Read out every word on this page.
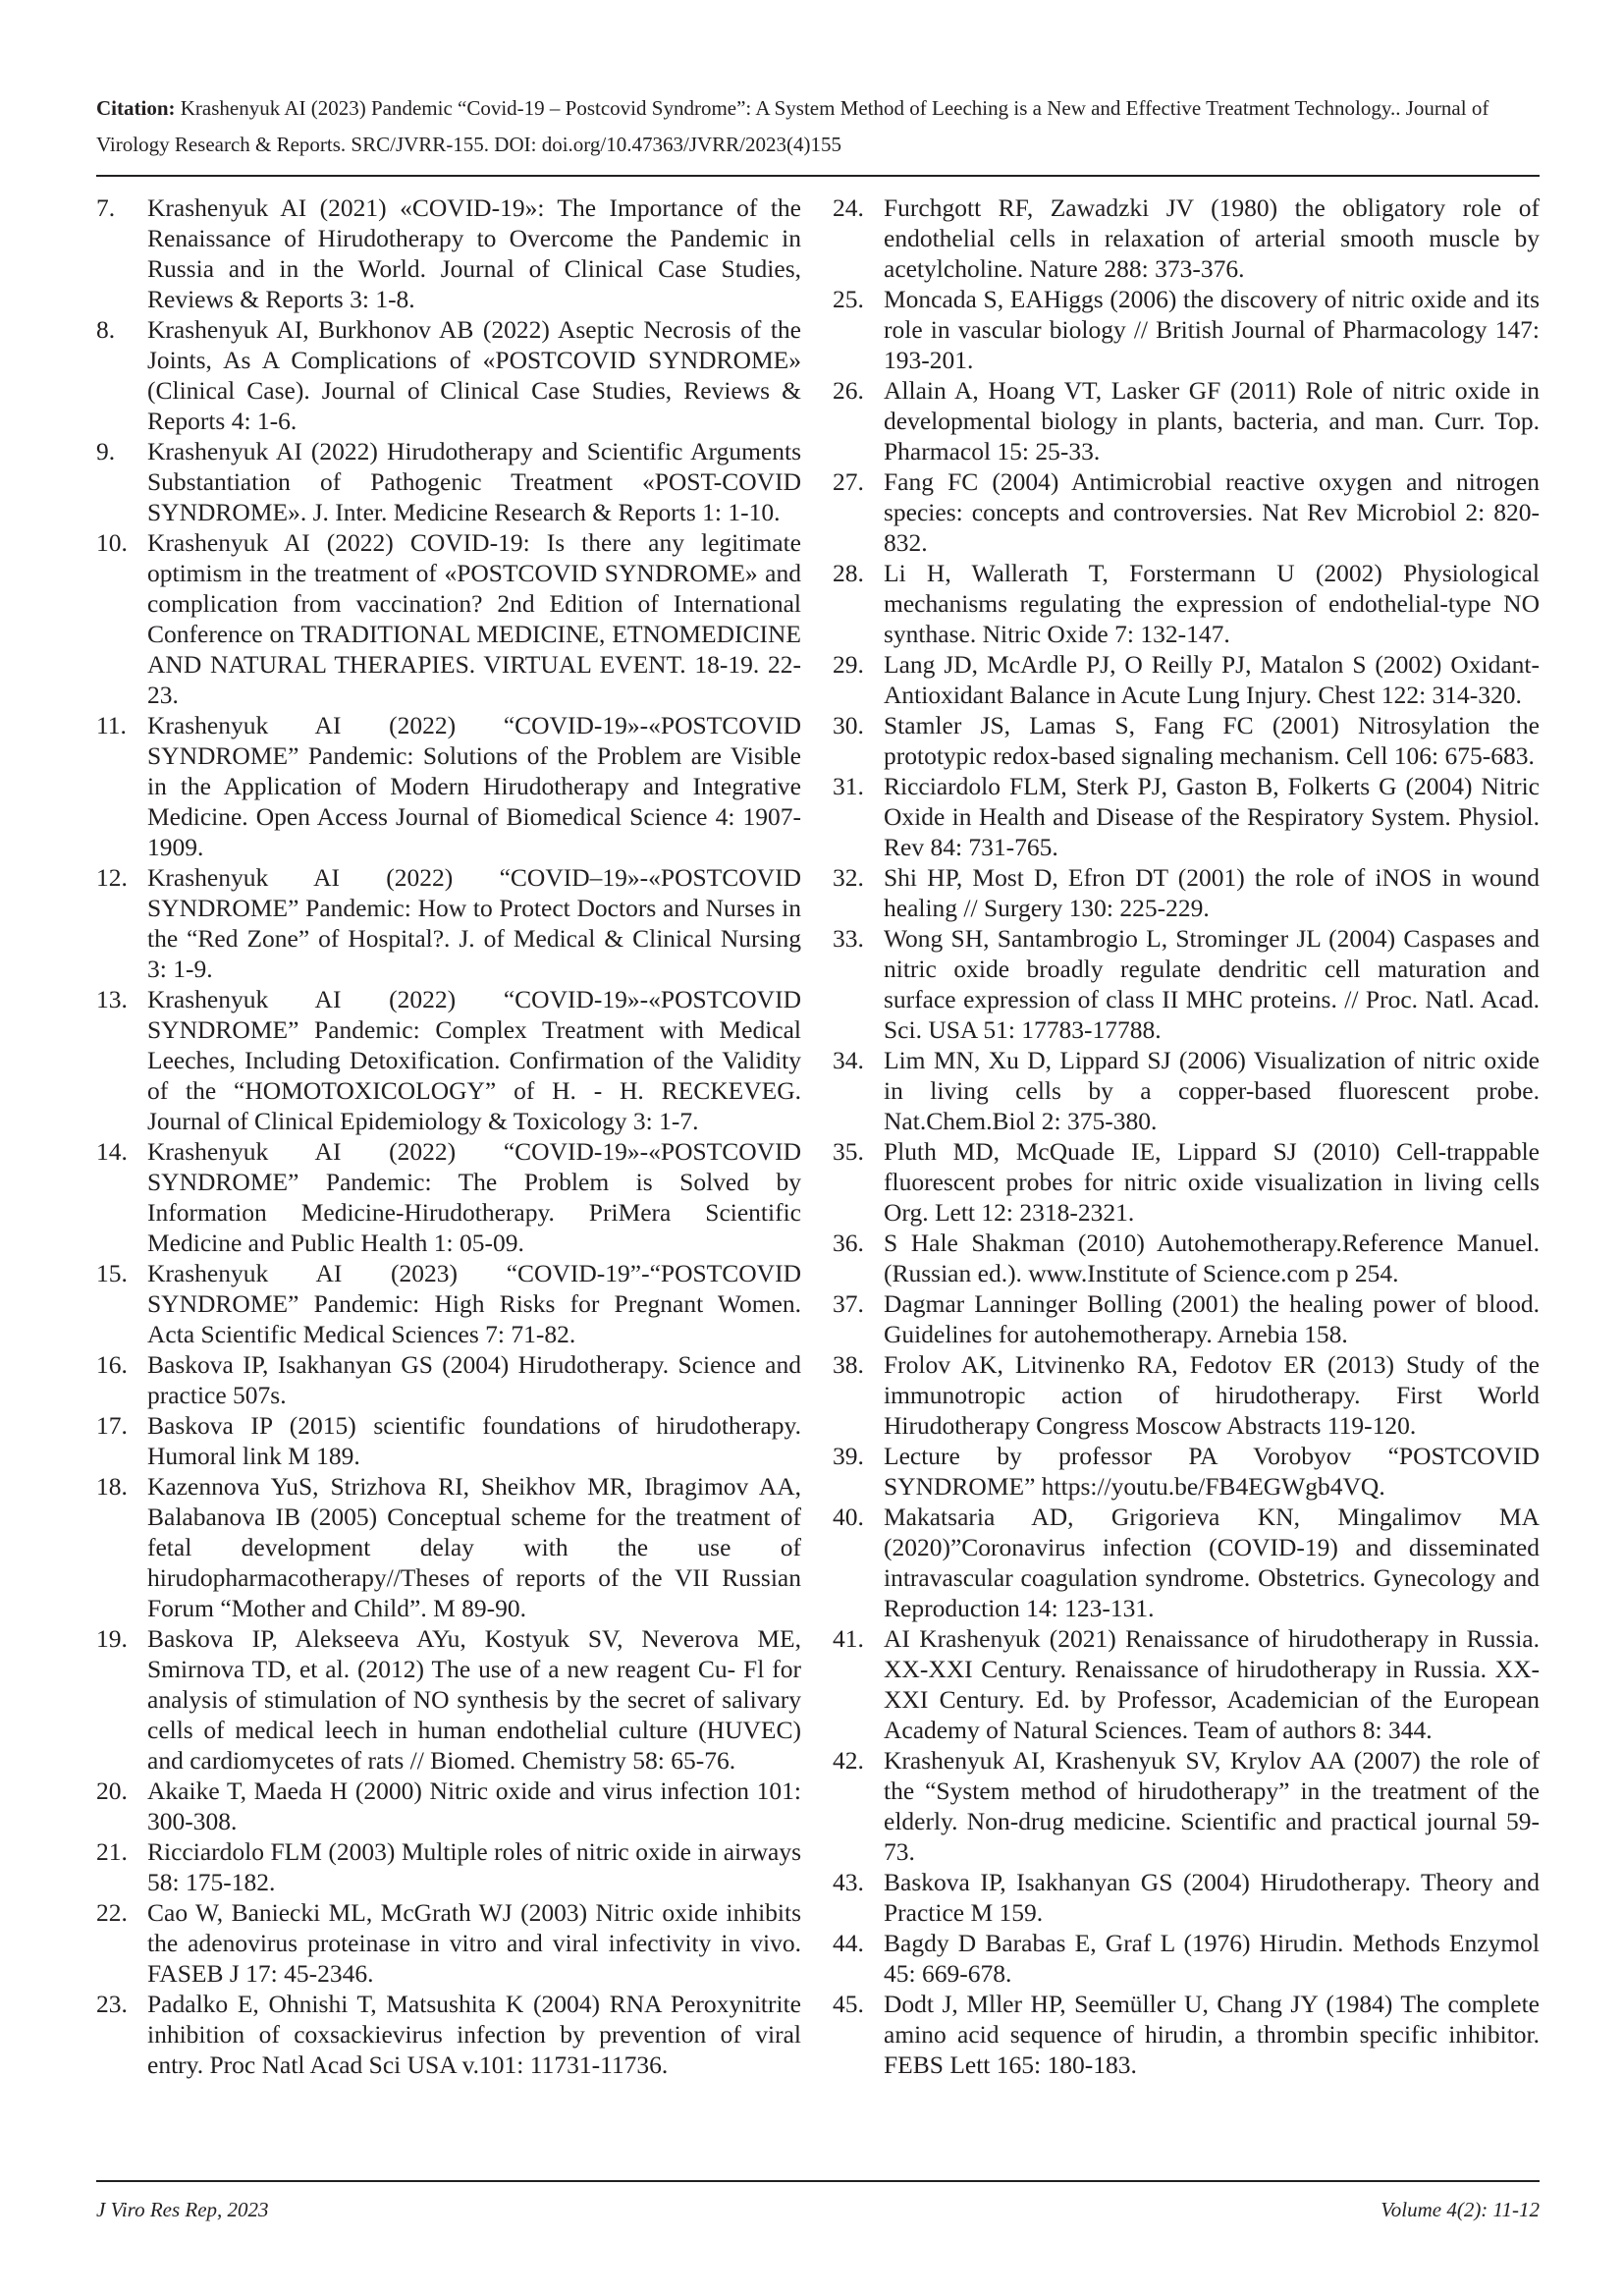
Citation: Krashenyuk AI (2023) Pandemic “Covid-19 – Postcovid Syndrome”: A System Method of Leeching is a New and Effective Treatment Technology.. Journal of Virology Research & Reports. SRC/JVRR-155. DOI: doi.org/10.47363/JVRR/2023(4)155
7. Krashenyuk AI (2021) «COVID-19»: The Importance of the Renaissance of Hirudotherapy to Overcome the Pandemic in Russia and in the World. Journal of Clinical Case Studies, Reviews & Reports 3: 1-8.
8. Krashenyuk AI, Burkhonov AB (2022) Aseptic Necrosis of the Joints, As A Complications of «POSTCOVID SYNDROME» (Clinical Case). Journal of Clinical Case Studies, Reviews & Reports 4: 1-6.
9. Krashenyuk AI (2022) Hirudotherapy and Scientific Arguments Substantiation of Pathogenic Treatment «POST-COVID SYNDROME». J. Inter. Medicine Research & Reports 1: 1-10.
10. Krashenyuk AI (2022) COVID-19: Is there any legitimate optimism in the treatment of «POSTCOVID SYNDROME» and complication from vaccination? 2nd Edition of International Conference on TRADITIONAL MEDICINE, ETNOMEDICINE AND NATURAL THERAPIES. VIRTUAL EVENT. 18-19. 22-23.
11. Krashenyuk AI (2022) “COVID-19»-«POSTCOVID SYNDROME” Pandemic: Solutions of the Problem are Visible in the Application of Modern Hirudotherapy and Integrative Medicine. Open Access Journal of Biomedical Science 4: 1907-1909.
12. Krashenyuk AI (2022) “COVID–19»-«POSTCOVID SYNDROME” Pandemic: How to Protect Doctors and Nurses in the “Red Zone” of Hospital?. J. of Medical & Clinical Nursing 3: 1-9.
13. Krashenyuk AI (2022) “COVID-19»-«POSTCOVID SYNDROME” Pandemic: Complex Treatment with Medical Leeches, Including Detoxification. Confirmation of the Validity of the “HOMOTOXICOLOGY” of H. - H. RECKEVEG. Journal of Clinical Epidemiology & Toxicology 3: 1-7.
14. Krashenyuk AI (2022) “COVID-19»-«POSTCOVID SYNDROME” Pandemic: The Problem is Solved by Information Medicine-Hirudotherapy. PriMera Scientific Medicine and Public Health 1: 05-09.
15. Krashenyuk AI (2023) “COVID-19”-“POSTCOVID SYNDROME” Pandemic: High Risks for Pregnant Women. Acta Scientific Medical Sciences 7: 71-82.
16. Baskova IP, Isakhanyan GS (2004) Hirudotherapy. Science and practice 507s.
17. Baskova IP (2015) scientific foundations of hirudotherapy. Humoral link M 189.
18. Kazennova YuS, Strizhova RI, Sheikhov MR, Ibragimov AA, Balabanova IB (2005) Conceptual scheme for the treatment of fetal development delay with the use of hirudopharmacotherapy//Theses of reports of the VII Russian Forum “Mother and Child”. M 89-90.
19. Baskova IP, Alekseeva AYu, Kostyuk SV, Neverova ME, Smirnova TD, et al. (2012) The use of a new reagent Cu- Fl for analysis of stimulation of NO synthesis by the secret of salivary cells of medical leech in human endothelial culture (HUVEC) and cardiomycetes of rats // Biomed. Chemistry 58: 65-76.
20. Akaike T, Maeda H (2000) Nitric oxide and virus infection 101: 300-308.
21. Ricciardolo FLM (2003) Multiple roles of nitric oxide in airways 58: 175-182.
22. Cao W, Baniecki ML, McGrath WJ (2003) Nitric oxide inhibits the adenovirus proteinase in vitro and viral infectivity in vivo. FASEB J 17: 45-2346.
23. Padalko E, Ohnishi T, Matsushita K (2004) RNA Peroxynitrite inhibition of coxsackievirus infection by prevention of viral entry. Proc Natl Acad Sci USA v.101: 11731-11736.
24. Furchgott RF, Zawadzki JV (1980) the obligatory role of endothelial cells in relaxation of arterial smooth muscle by acetylcholine. Nature 288: 373-376.
25. Moncada S, EAHiggs (2006) the discovery of nitric oxide and its role in vascular biology // British Journal of Pharmacology 147: 193-201.
26. Allain A, Hoang VT, Lasker GF (2011) Role of nitric oxide in developmental biology in plants, bacteria, and man. Curr. Top. Pharmacol 15: 25-33.
27. Fang FC (2004) Antimicrobial reactive oxygen and nitrogen species: concepts and controversies. Nat Rev Microbiol 2: 820-832.
28. Li H, Wallerath T, Forstermann U (2002) Physiological mechanisms regulating the expression of endothelial-type NO synthase. Nitric Oxide 7: 132-147.
29. Lang JD, McArdle PJ, O Reilly PJ, Matalon S (2002) Oxidant-Antioxidant Balance in Acute Lung Injury. Chest 122: 314-320.
30. Stamler JS, Lamas S, Fang FC (2001) Nitrosylation the prototypic redox-based signaling mechanism. Cell 106: 675-683.
31. Ricciardolo FLM, Sterk PJ, Gaston B, Folkerts G (2004) Nitric Oxide in Health and Disease of the Respiratory System. Physiol. Rev 84: 731-765.
32. Shi HP, Most D, Efron DT (2001) the role of iNOS in wound healing // Surgery 130: 225-229.
33. Wong SH, Santambrogio L, Strominger JL (2004) Caspases and nitric oxide broadly regulate dendritic cell maturation and surface expression of class II MHC proteins. // Proc. Natl. Acad. Sci. USA 51: 17783-17788.
34. Lim MN, Xu D, Lippard SJ (2006) Visualization of nitric oxide in living cells by a copper-based fluorescent probe. Nat.Chem.Biol 2: 375-380.
35. Pluth MD, McQuade IE, Lippard SJ (2010) Cell-trappable fluorescent probes for nitric oxide visualization in living cells Org. Lett 12: 2318-2321.
36. S Hale Shakman (2010) Autohemotherapy.Reference Manuel. (Russian ed.). www.Institute of Science.com p 254.
37. Dagmar Lanninger Bolling (2001) the healing power of blood. Guidelines for autohemotherapy. Arnebia 158.
38. Frolov AK, Litvinenko RA, Fedotov ER (2013) Study of the immunotropic action of hirudotherapy. First World Hirudotherapy Congress Moscow Abstracts 119-120.
39. Lecture by professor PA Vorobyov “POSTCOVID SYNDROME” https://youtu.be/FB4EGWgb4VQ.
40. Makatsaria AD, Grigorieva KN, Mingalimov MA (2020)”Coronavirus infection (COVID-19) and disseminated intravascular coagulation syndrome. Obstetrics. Gynecology and Reproduction 14: 123-131.
41. AI Krashenyuk (2021) Renaissance of hirudotherapy in Russia. XX-XXI Century. Renaissance of hirudotherapy in Russia. XX-XXI Century. Ed. by Professor, Academician of the European Academy of Natural Sciences. Team of authors 8: 344.
42. Krashenyuk AI, Krashenyuk SV, Krylov AA (2007) the role of the “System method of hirudotherapy” in the treatment of the elderly. Non-drug medicine. Scientific and practical journal 59-73.
43. Baskova IP, Isakhanyan GS (2004) Hirudotherapy. Theory and Practice M 159.
44. Bagdy D Barabas E, Graf L (1976) Hirudin. Methods Enzymol 45: 669-678.
45. Dodt J, Mller HP, Seemüller U, Chang JY (1984) The complete amino acid sequence of hirudin, a thrombin specific inhibitor. FEBS Lett 165: 180-183.
J Viro Res Rep, 2023	Volume 4(2): 11-12
